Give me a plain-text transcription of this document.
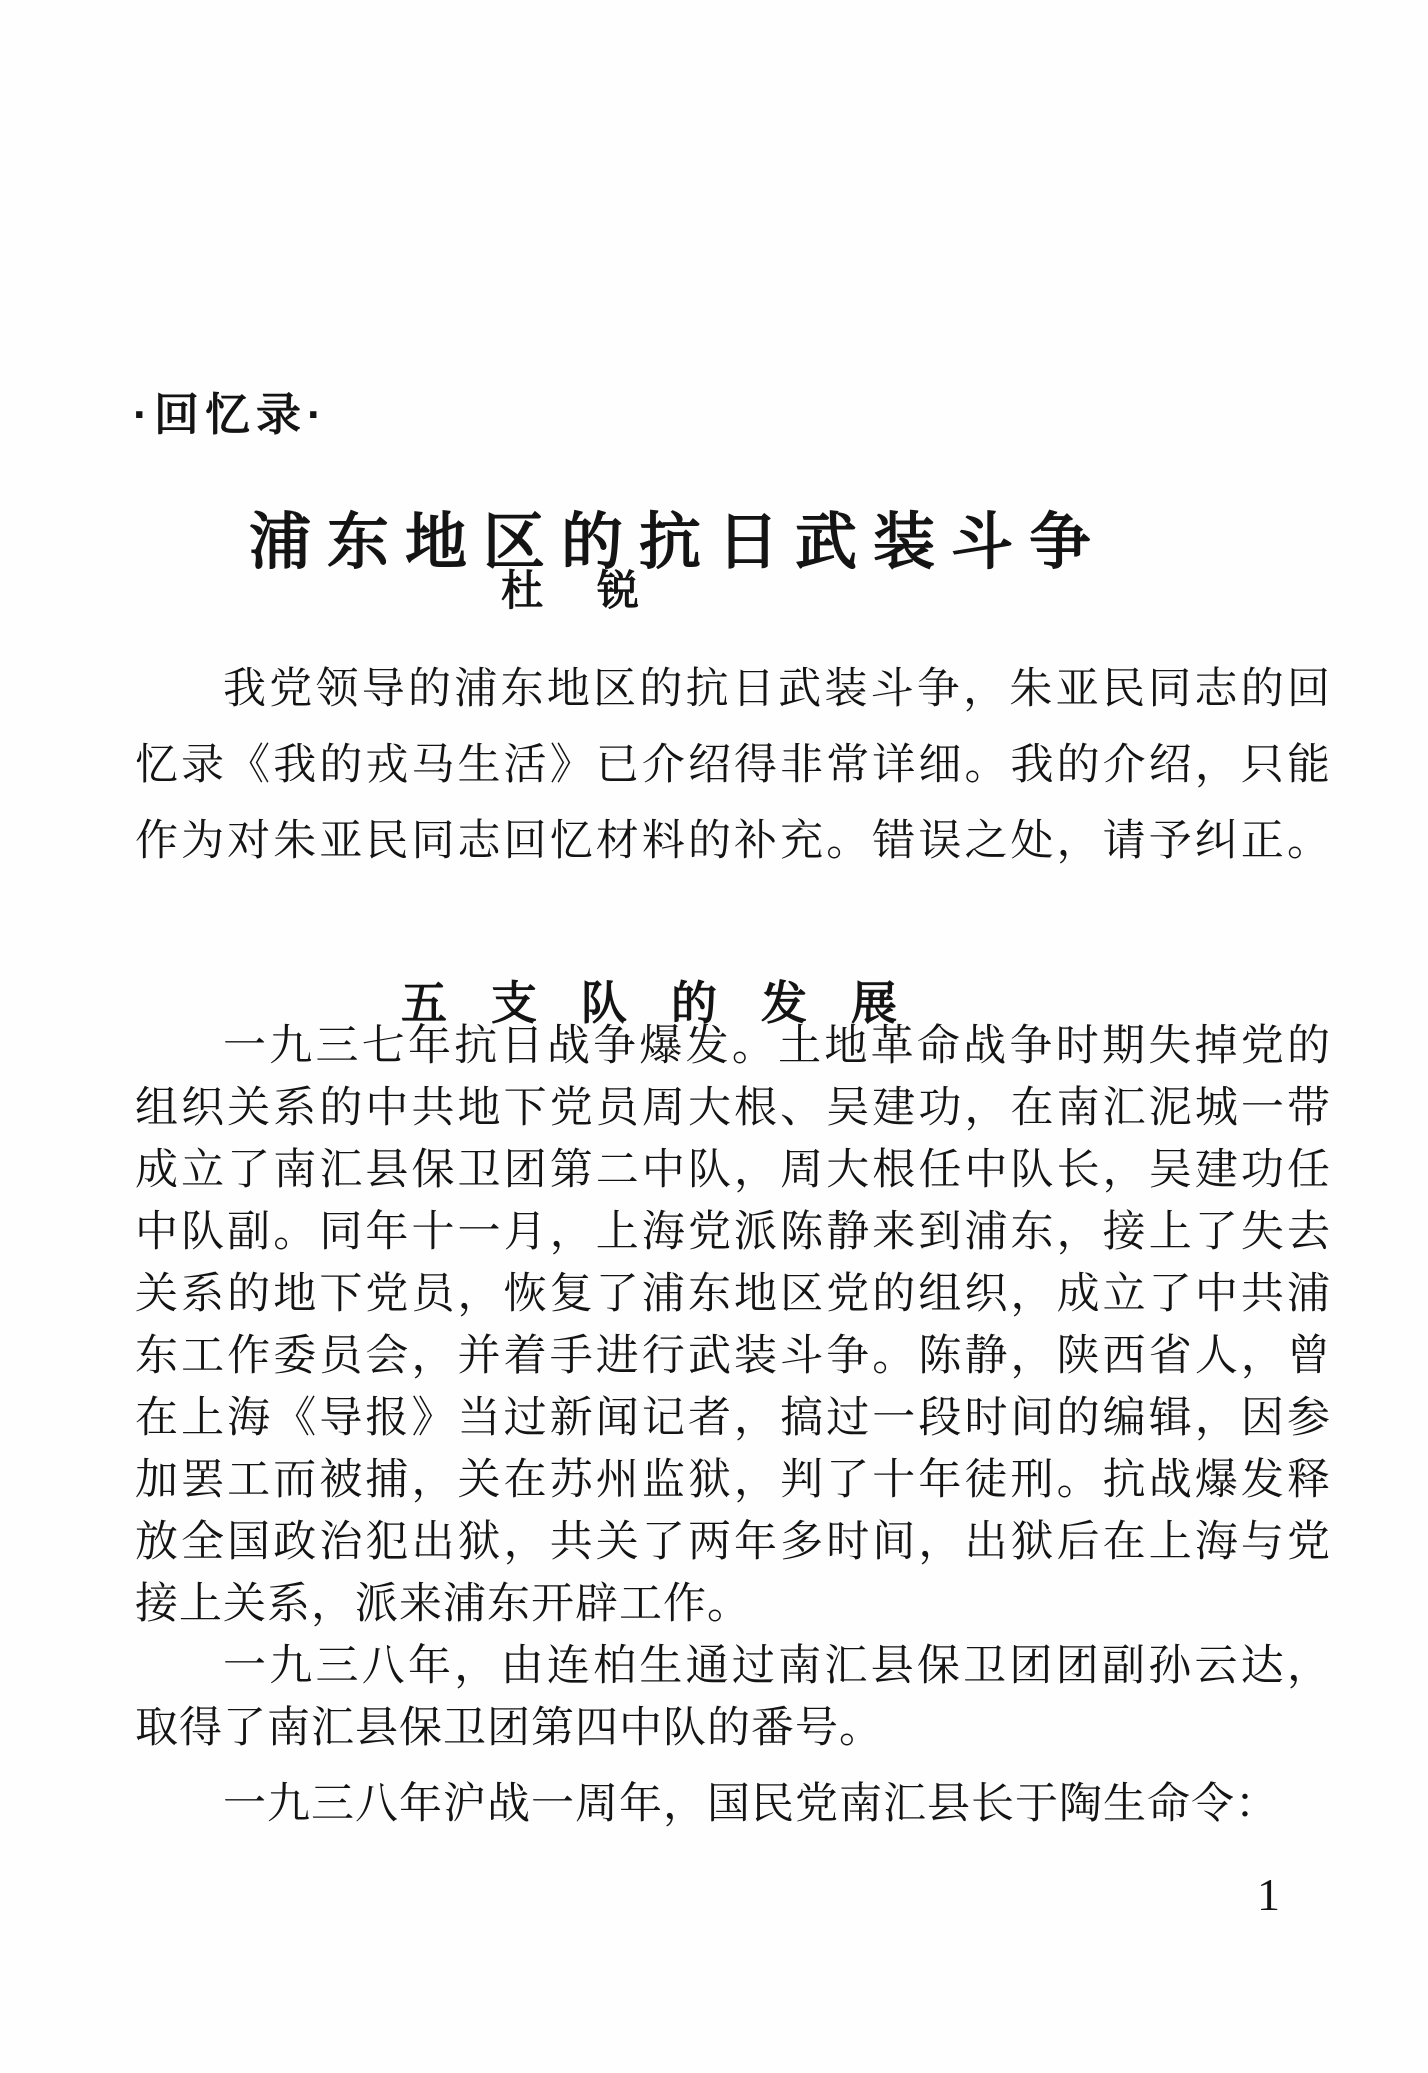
·回忆录·
浦东地区的抗日武装斗争
杜　锐
我党领导的浦东地区的抗日武装斗争，朱亚民同志的回
忆录《我的戎马生活》已介绍得非常详细。我的介绍，只能
作为对朱亚民同志回忆材料的补充。错误之处，请予纠正。
五支队的发展
一九三七年抗日战争爆发。土地革命战争时期失掉党的
组织关系的中共地下党员周大根、吴建功，在南汇泥城一带
成立了南汇县保卫团第二中队，周大根任中队长，吴建功任
中队副。同年十一月，上海党派陈静来到浦东，接上了失去
关系的地下党员，恢复了浦东地区党的组织，成立了中共浦
东工作委员会，并着手进行武装斗争。陈静，陕西省人，曾
在上海《导报》当过新闻记者，搞过一段时间的编辑，因参
加罢工而被捕，关在苏州监狱，判了十年徒刑。抗战爆发释
放全国政治犯出狱，共关了两年多时间，出狱后在上海与党
接上关系，派来浦东开辟工作。
一九三八年，由连柏生通过南汇县保卫团团副孙云达，
取得了南汇县保卫团第四中队的番号。
一九三八年沪战一周年，国民党南汇县长于陶生命令：
1
